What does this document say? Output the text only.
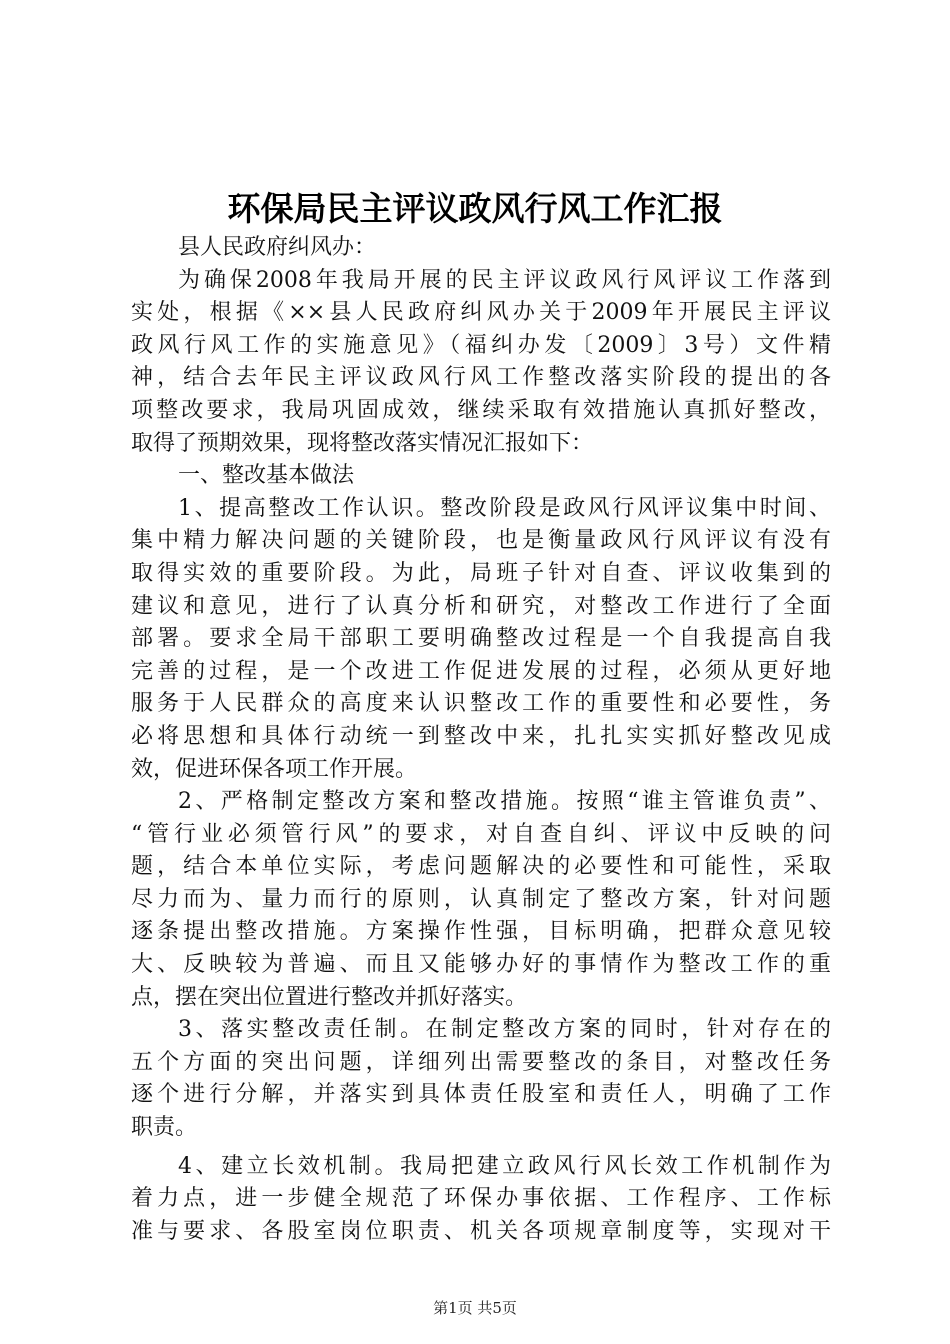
环保局民主评议政风行风工作汇报
县人民政府纠风办：
为确保2008年我局开展的民主评议政风行风评议工作落到
实处，根据《××县人民政府纠风办关于2009年开展民主评议
政风行风工作的实施意见》（福纠办发〔2009〕3号）文件精
神，结合去年民主评议政风行风工作整改落实阶段的提出的各
项整改要求，我局巩固成效，继续采取有效措施认真抓好整改，
取得了预期效果，现将整改落实情况汇报如下：
一、整改基本做法
1、提高整改工作认识。整改阶段是政风行风评议集中时间、
集中精力解决问题的关键阶段，也是衡量政风行风评议有没有
取得实效的重要阶段。为此，局班子针对自查、评议收集到的
建议和意见，进行了认真分析和研究，对整改工作进行了全面
部署。要求全局干部职工要明确整改过程是一个自我提高自我
完善的过程，是一个改进工作促进发展的过程，必须从更好地
服务于人民群众的高度来认识整改工作的重要性和必要性，务
必将思想和具体行动统一到整改中来，扎扎实实抓好整改见成
效，促进环保各项工作开展。
2、严格制定整改方案和整改措施。按照“谁主管谁负责”、
“管行业必须管行风”的要求，对自查自纠、评议中反映的问
题，结合本单位实际，考虑问题解决的必要性和可能性，采取
尽力而为、量力而行的原则，认真制定了整改方案，针对问题
逐条提出整改措施。方案操作性强，目标明确，把群众意见较
大、反映较为普遍、而且又能够办好的事情作为整改工作的重
点，摆在突出位置进行整改并抓好落实。
3、落实整改责任制。在制定整改方案的同时，针对存在的
五个方面的突出问题，详细列出需要整改的条目，对整改任务
逐个进行分解，并落实到具体责任股室和责任人，明确了工作
职责。
4、建立长效机制。我局把建立政风行风长效工作机制作为
着力点，进一步健全规范了环保办事依据、工作程序、工作标
准与要求、各股室岗位职责、机关各项规章制度等，实现对干
第1页 共5页
